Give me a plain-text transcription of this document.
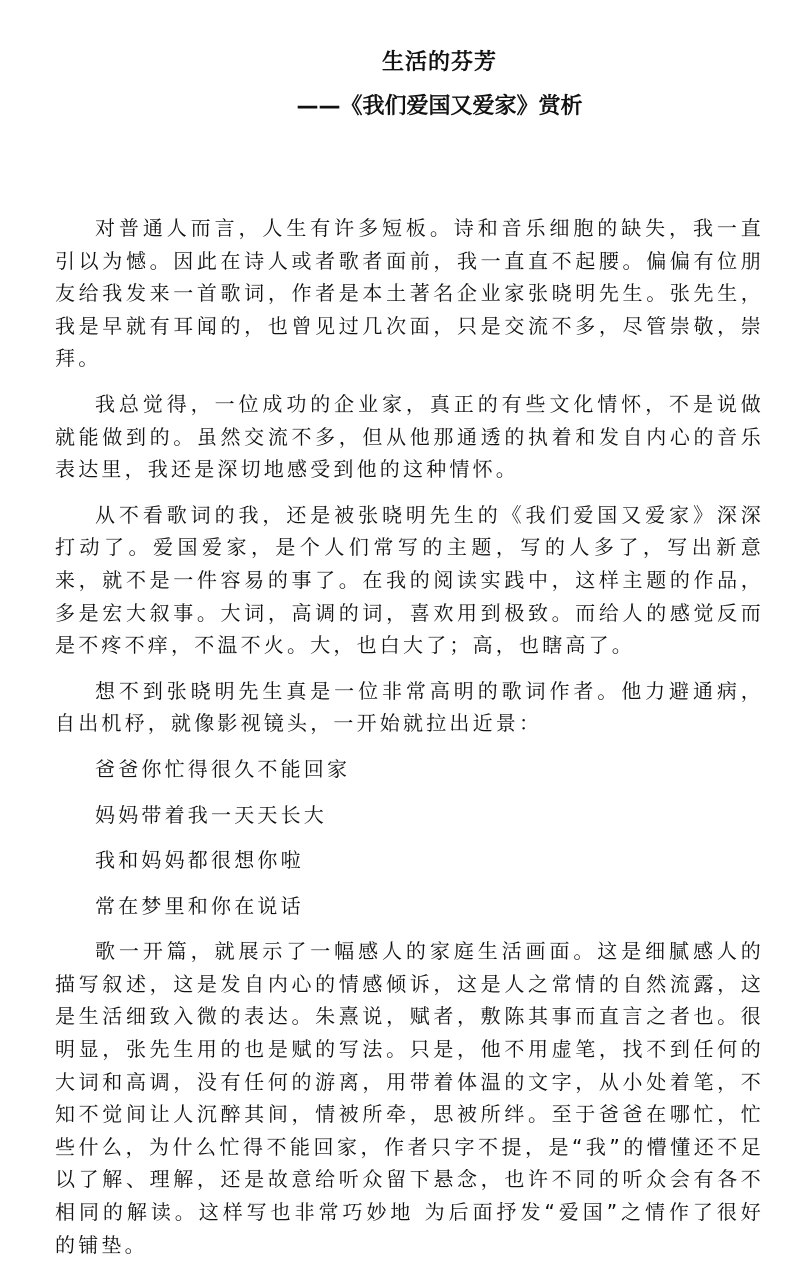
生活的芬芳
——《我们爱国又爱家》赏析

对普通人而言，人生有许多短板。诗和音乐细胞的缺失，我一直引以为憾。因此在诗人或者歌者面前，我一直直不起腰。偏偏有位朋友给我发来一首歌词，作者是本土著名企业家张晓明先生。张先生，我是早就有耳闻的，也曾见过几次面，只是交流不多，尽管崇敬，崇拜。

我总觉得，一位成功的企业家，真正的有些文化情怀，不是说做就能做到的。虽然交流不多，但从他那通透的执着和发自内心的音乐表达里，我还是深切地感受到他的这种情怀。

从不看歌词的我，还是被张晓明先生的《我们爱国又爱家》深深打动了。爱国爱家，是个人们常写的主题，写的人多了，写出新意来，就不是一件容易的事了。在我的阅读实践中，这样主题的作品，多是宏大叙事。大词，高调的词，喜欢用到极致。而给人的感觉反而是不疼不痒，不温不火。大，也白大了；高，也瞎高了。

想不到张晓明先生真是一位非常高明的歌词作者。他力避通病，自出机杼，就像影视镜头，一开始就拉出近景：

爸爸你忙得很久不能回家

妈妈带着我一天天长大

我和妈妈都很想你啦

常在梦里和你在说话

歌一开篇，就展示了一幅感人的家庭生活画面。这是细腻感人的描写叙述，这是发自内心的情感倾诉，这是人之常情的自然流露，这是生活细致入微的表达。朱熹说，赋者，敷陈其事而直言之者也。很明显，张先生用的也是赋的写法。只是，他不用虚笔，找不到任何的大词和高调，没有任何的游离，用带着体温的文字，从小处着笔，不知不觉间让人沉醉其间，情被所牵，思被所绊。至于爸爸在哪忙，忙些什么，为什么忙得不能回家，作者只字不提，是“我”的懵懂还不足以了解、理解，还是故意给听众留下悬念，也许不同的听众会有各不相同的解读。这样写也非常巧妙地 为后面抒发“爱国”之情作了很好的铺垫。
